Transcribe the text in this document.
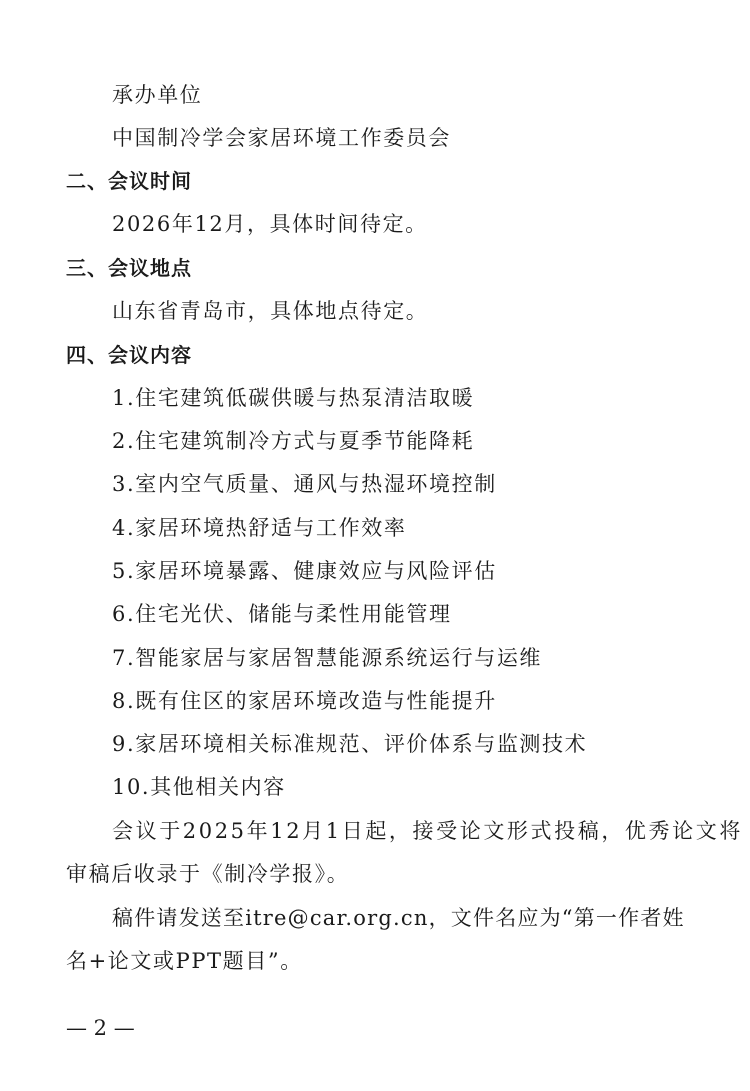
承办单位
中国制冷学会家居环境工作委员会
二、会议时间
2026年12月，具体时间待定。
三、会议地点
山东省青岛市，具体地点待定。
四、会议内容
1.住宅建筑低碳供暖与热泵清洁取暖
2.住宅建筑制冷方式与夏季节能降耗
3.室内空气质量、通风与热湿环境控制
4.家居环境热舒适与工作效率
5.家居环境暴露、健康效应与风险评估
6.住宅光伏、储能与柔性用能管理
7.智能家居与家居智慧能源系统运行与运维
8.既有住区的家居环境改造与性能提升
9.家居环境相关标准规范、评价体系与监测技术
10.其他相关内容
会议于2025年12月1日起，接受论文形式投稿，优秀论文将
审稿后收录于《制冷学报》。
稿件请发送至itre@car.org.cn，文件名应为“第一作者姓
名+论文或PPT题目”。
— 2 —
